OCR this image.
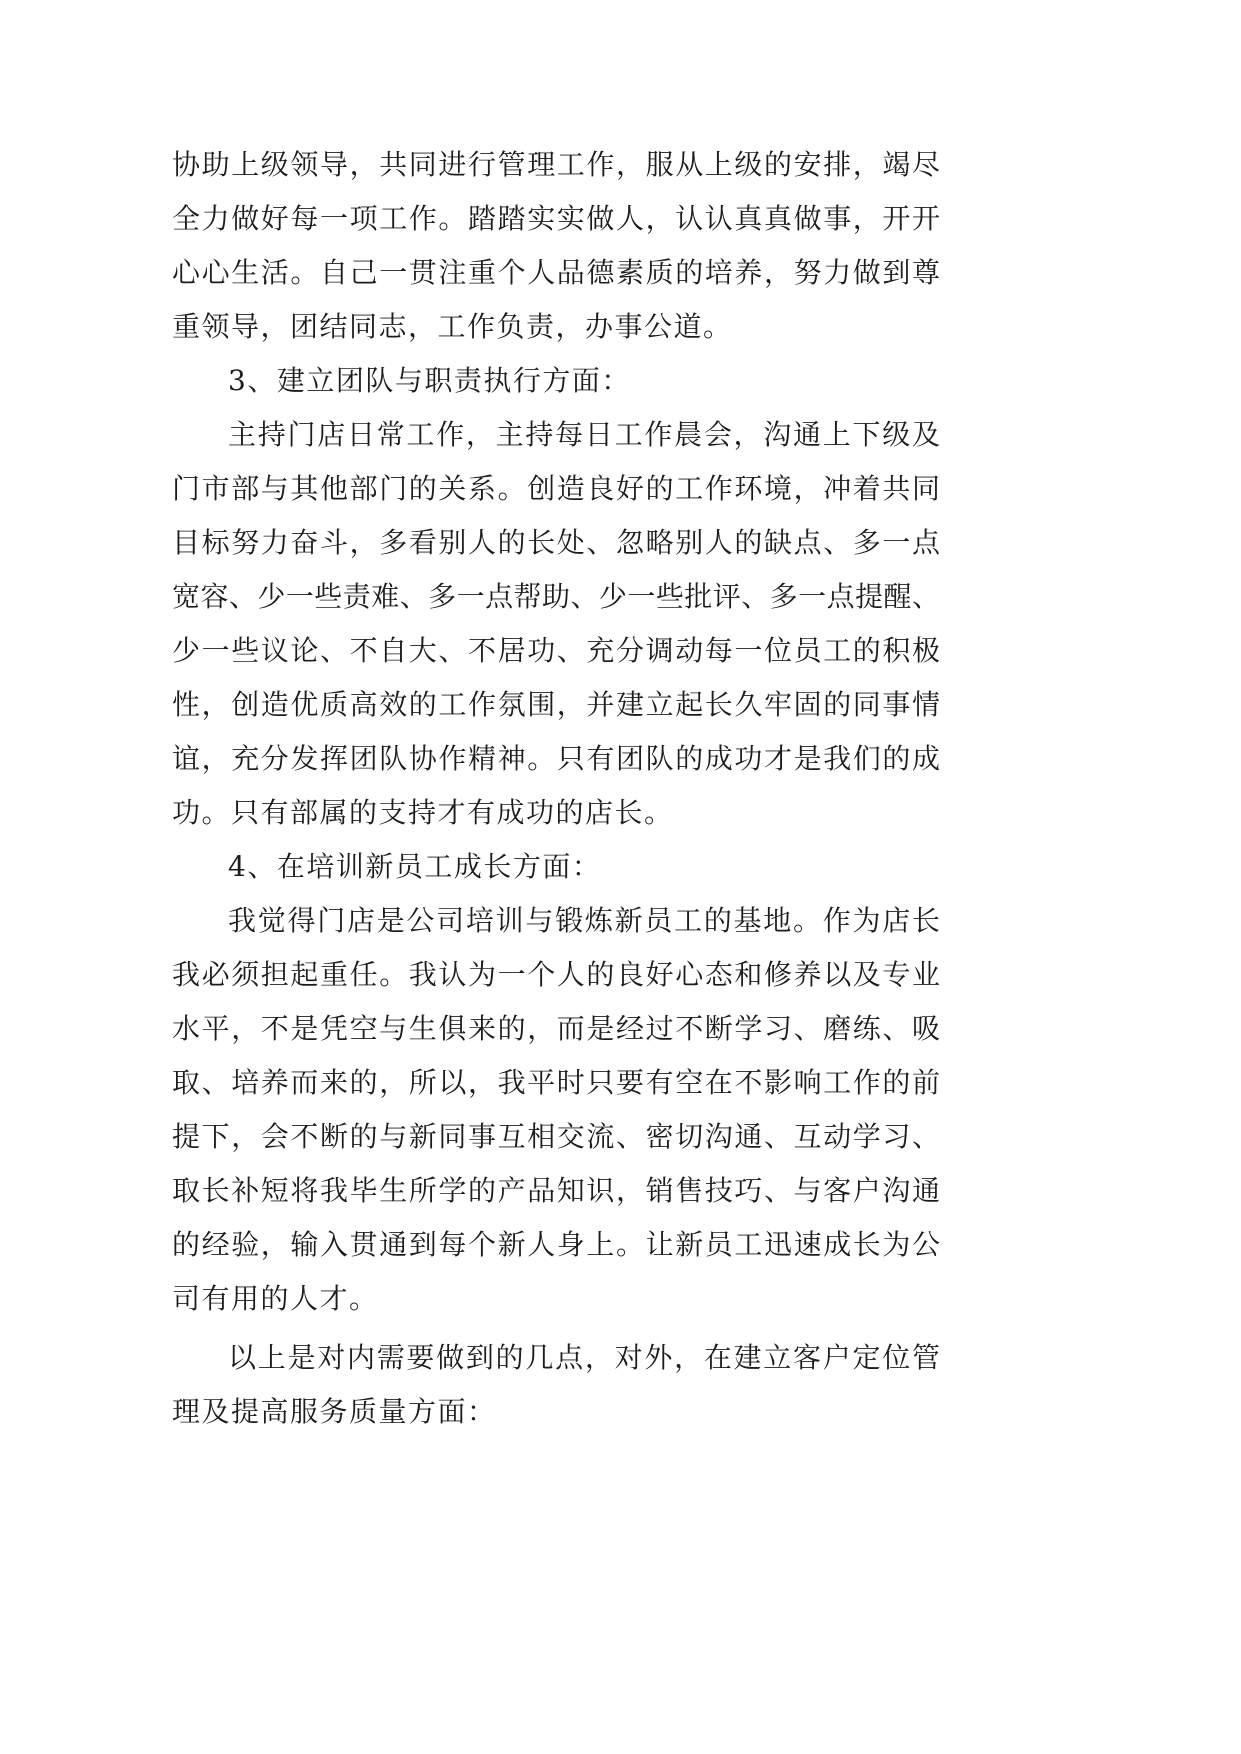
协助上级领导，共同进行管理工作，服从上级的安排，竭尽
全力做好每一项工作。踏踏实实做人，认认真真做事，开开
心心生活。自己一贯注重个人品德素质的培养，努力做到尊
重领导，团结同志，工作负责，办事公道。
3、建立团队与职责执行方面：
主持门店日常工作，主持每日工作晨会，沟通上下级及
门市部与其他部门的关系。创造良好的工作环境，冲着共同
目标努力奋斗，多看别人的长处、忽略别人的缺点、多一点
宽容、少一些责难、多一点帮助、少一些批评、多一点提醒、
少一些议论、不自大、不居功、充分调动每一位员工的积极
性，创造优质高效的工作氛围，并建立起长久牢固的同事情
谊，充分发挥团队协作精神。只有团队的成功才是我们的成
功。只有部属的支持才有成功的店长。
4、在培训新员工成长方面：
我觉得门店是公司培训与锻炼新员工的基地。作为店长
我必须担起重任。我认为一个人的良好心态和修养以及专业
水平，不是凭空与生俱来的，而是经过不断学习、磨练、吸
取、培养而来的，所以，我平时只要有空在不影响工作的前
提下，会不断的与新同事互相交流、密切沟通、互动学习、
取长补短将我毕生所学的产品知识，销售技巧、与客户沟通
的经验，输入贯通到每个新人身上。让新员工迅速成长为公
司有用的人才。
以上是对内需要做到的几点，对外，在建立客户定位管
理及提高服务质量方面：
